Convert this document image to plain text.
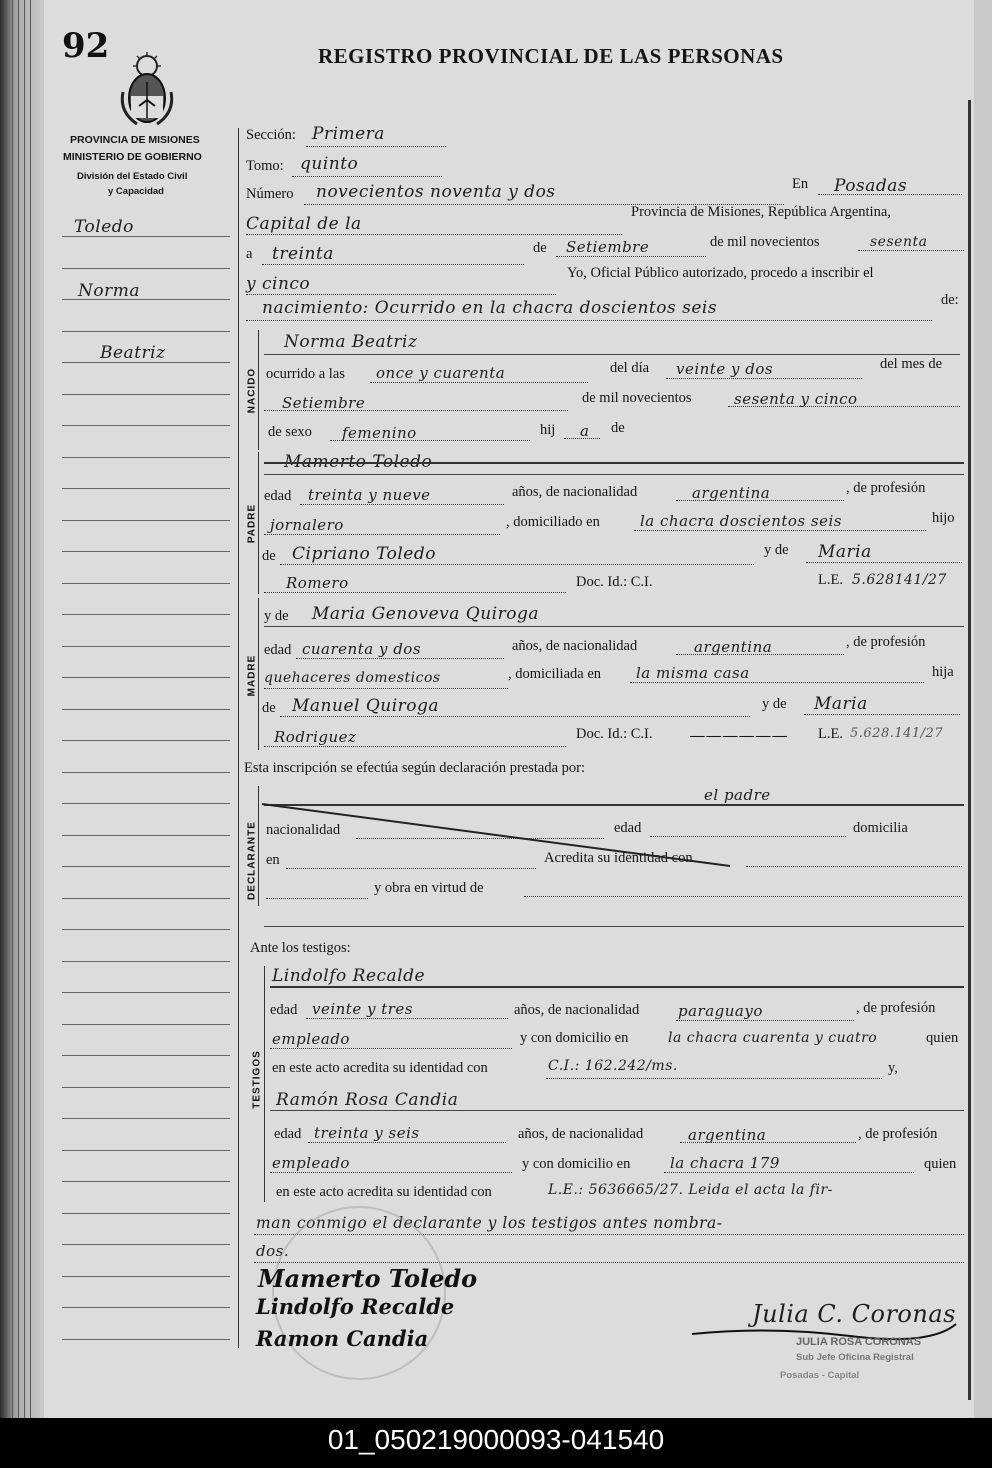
92	REGISTRO PROVINCIAL DE LAS PERSONAS
PROVINCIA DE MISIONES
MINISTERIO DE GOBIERNO
División del Estado Civil
y Capacidad
Toledo
Norma
Beatriz
Sección: Primera
Tomo: quinto
Número novecientos noventa y dos	En Posadas
Capital de la
Provincia de Misiones, República Argentina,
a treinta	de Setiembre	de mil novecientos	sesenta
y cinco
Yo, Oficial Público autorizado, procedo a inscribir el
nacimiento: Ocurrido en la chacra doscientos seis	de:
NACIDO
Norma Beatriz
ocurrido a las once y cuarenta	del día veinte y dos	del mes de
Setiembre	de mil novecientos	sesenta y cinco
de sexo femenino	hij a de
PADRE
Mamerto Toledo
edad treinta y nueve	años, de nacionalidad	argentina	, de profesión
jornalero	, domiciliado en	la chacra doscientos seis	hijo
de Cipriano Toledo	y de Maria
Romero	Doc. Id.: C.I.	L.E. 5.628141/27
MADRE
y de Maria Genoveva Quiroga
edad cuarenta y dos	años, de nacionalidad	argentina	, de profesión
quehaceres domesticos	, domiciliada en la misma casa	hija
de Manuel Quiroga	y de Maria
Rodriguez	Doc. Id.: C.I.	—————— L.E. 5.628.141/27
Esta inscripción se efectúa según declaración prestada por:
DECLARANTE
el padre
nacionalidad	edad	domicilia
en	Acredita su identidad con
y obra en virtud de
Ante los testigos:
TESTIGOS
Lindolfo Recalde
edad veinte y tres	años, de nacionalidad	paraguayo	, de profesión
empleado	y con domicilio en	la chacra cuarenta y cuatro	quien
en este acto acredita su identidad con	C.I.: 162.242/ms.	y,
Ramón Rosa Candia
edad treinta y seis	años, de nacionalidad	argentina	, de profesión
empleado	y con domicilio en	la chacra 179	quien
en este acto acredita su identidad con	L.E.: 5636665/27. Leida el acta la fir-
man conmigo el declarante y los testigos antes nombra-
dos.
Mamerto Toledo
Lindolfo Recalde
Ramon Candia
Julia C. Coronas
JULIA ROSA CORONAS
Sub Jefe Oficina Registral
Posadas - Capital
01_050219000093-041540
